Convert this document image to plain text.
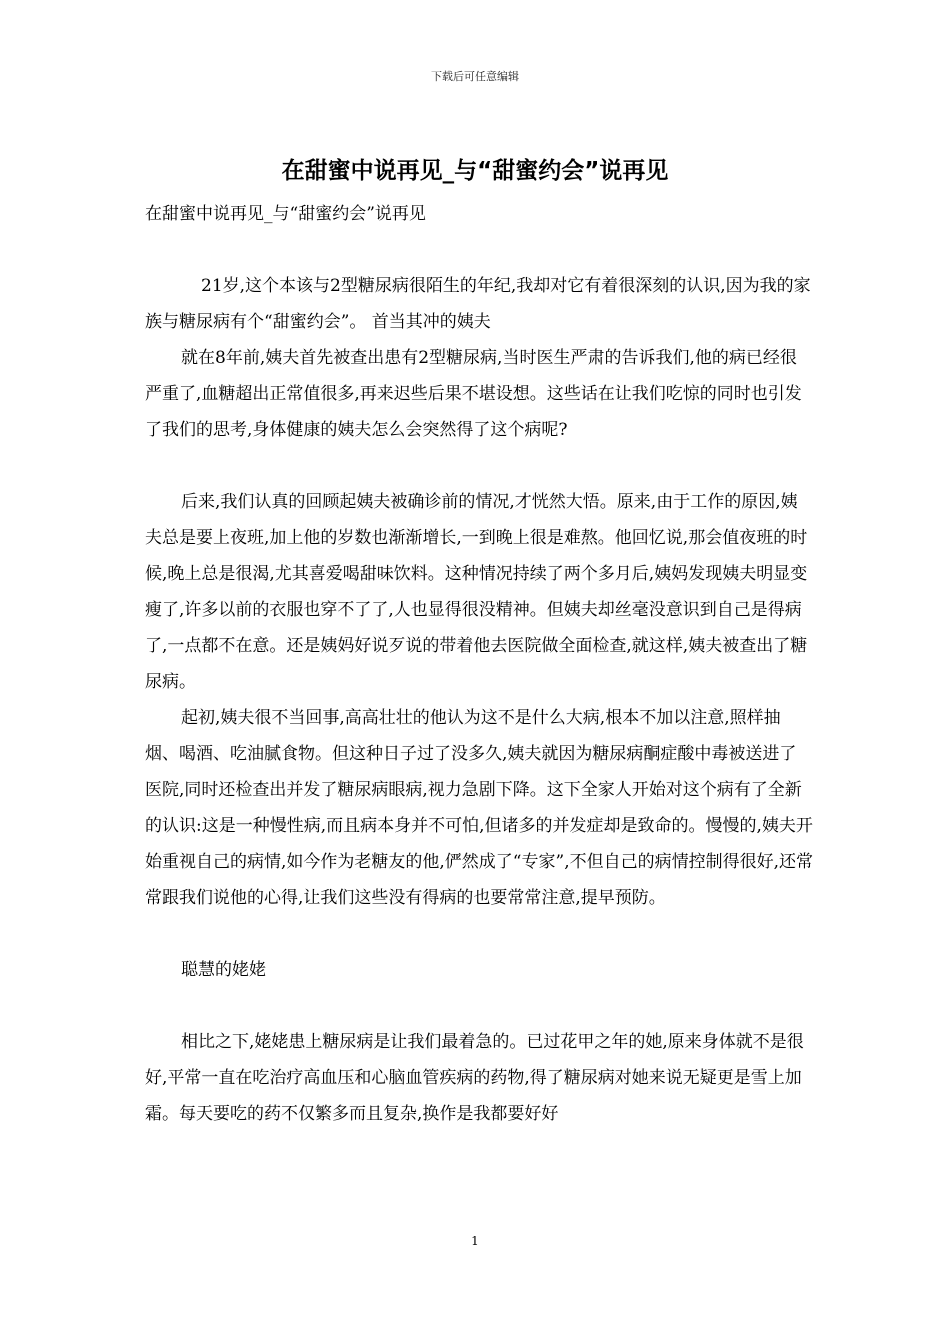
下载后可任意编辑
在甜蜜中说再见_与“甜蜜约会”说再见

在甜蜜中说再见_与“甜蜜约会”说再见

21岁,这个本该与2型糖尿病很陌生的年纪,我却对它有着很深刻的认识,因为我的家族与糖尿病有个“甜蜜约会”。 首当其冲的姨夫

就在8年前,姨夫首先被查出患有2型糖尿病,当时医生严肃的告诉我们,他的病已经很严重了,血糖超出正常值很多,再来迟些后果不堪设想。这些话在让我们吃惊的同时也引发了我们的思考,身体健康的姨夫怎么会突然得了这个病呢?

后来,我们认真的回顾起姨夫被确诊前的情况,才恍然大悟。原来,由于工作的原因,姨夫总是要上夜班,加上他的岁数也渐渐增长,一到晚上很是难熬。他回忆说,那会值夜班的时候,晚上总是很渴,尤其喜爱喝甜味饮料。这种情况持续了两个多月后,姨妈发现姨夫明显变瘦了,许多以前的衣服也穿不了了,人也显得很没精神。但姨夫却丝毫没意识到自己是得病了,一点都不在意。还是姨妈好说歹说的带着他去医院做全面检查,就这样,姨夫被查出了糖尿病。

起初,姨夫很不当回事,高高壮壮的他认为这不是什么大病,根本不加以注意,照样抽烟、喝酒、吃油腻食物。但这种日子过了没多久,姨夫就因为糖尿病酮症酸中毒被送进了医院,同时还检查出并发了糖尿病眼病,视力急剧下降。这下全家人开始对这个病有了全新的认识:这是一种慢性病,而且病本身并不可怕,但诸多的并发症却是致命的。慢慢的,姨夫开始重视自己的病情,如今作为老糖友的他,俨然成了“专家”,不但自己的病情控制得很好,还常常跟我们说他的心得,让我们这些没有得病的也要常常注意,提早预防。

聪慧的姥姥

相比之下,姥姥患上糖尿病是让我们最着急的。已过花甲之年的她,原来身体就不是很好,平常一直在吃治疗高血压和心脑血管疾病的药物,得了糖尿病对她来说无疑更是雪上加霜。每天要吃的药不仅繁多而且复杂,换作是我都要好好

1
